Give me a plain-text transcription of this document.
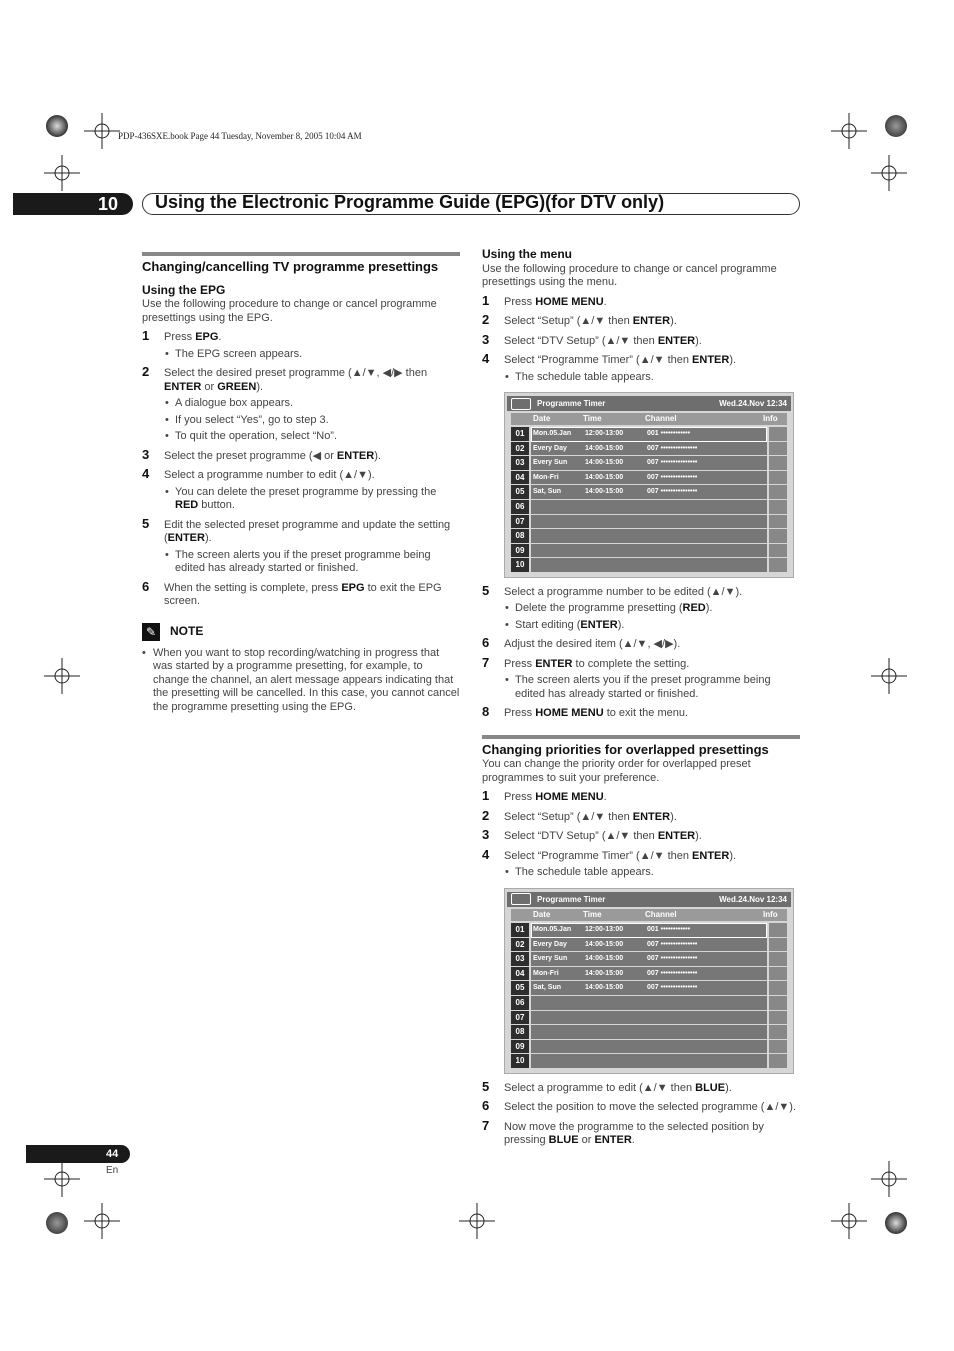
PDP-436SXE.book Page 44 Tuesday, November 8, 2005 10:04 AM
10 Using the Electronic Programme Guide (EPG)(for DTV only)
Changing/cancelling TV programme presettings
Using the EPG

Use the following procedure to change or cancel programme presettings using the EPG.

1 Press EPG.
• The EPG screen appears.
2 Select the desired preset programme (▲/▼, ◀/▶ then ENTER or GREEN).
• A dialogue box appears.
• If you select “Yes”, go to step 3.
• To quit the operation, select “No”.
3 Select the preset programme (◀ or ENTER).
4 Select a programme number to edit (▲/▼).
• You can delete the preset programme by pressing the RED button.
5 Edit the selected preset programme and update the setting (ENTER).
• The screen alerts you if the preset programme being edited has already started or finished.
6 When the setting is complete, press EPG to exit the EPG screen.
✎	NOTE
• When you want to stop recording/watching in progress that was started by a programme presetting, for example, to change the channel, an alert message appears indicating that the presetting will be cancelled. In this case, you cannot cancel the programme presetting using the EPG.
Using the menu

Use the following procedure to change or cancel programme presettings using the menu.

1 Press HOME MENU.
2 Select “Setup” (▲/▼ then ENTER).
3 Select “DTV Setup” (▲/▼ then ENTER).
4 Select “Programme Timer” (▲/▼ then ENTER).
• The schedule table appears.
Programme Timer	Wed.24.Nov 12:34
Date	Time	Channel	Info
01	Mon.05.Jan	12:00-13:00	001 ••••••••••••
02	Every Day	14:00-15:00	007 •••••••••••••••
03	Every Sun	14:00-15:00	007 •••••••••••••••
04	Mon-Fri	14:00-15:00	007 •••••••••••••••
05	Sat, Sun	14:00-15:00	007 •••••••••••••••
06
07
08
09
10
5 Select a programme number to be edited (▲/▼).
• Delete the programme presetting (RED).
• Start editing (ENTER).
6 Adjust the desired item (▲/▼, ◀/▶).
7 Press ENTER to complete the setting.
• The screen alerts you if the preset programme being edited has already started or finished.
8 Press HOME MENU to exit the menu.
Changing priorities for overlapped presettings

You can change the priority order for overlapped preset programmes to suit your preference.

1 Press HOME MENU.
2 Select “Setup” (▲/▼ then ENTER).
3 Select “DTV Setup” (▲/▼ then ENTER).
4 Select “Programme Timer” (▲/▼ then ENTER).
• The schedule table appears.
Programme Timer	Wed.24.Nov 12:34
Date	Time	Channel	Info
01	Mon.05.Jan	12:00-13:00	001 ••••••••••••
02	Every Day	14:00-15:00	007 •••••••••••••••
03	Every Sun	14:00-15:00	007 •••••••••••••••
04	Mon-Fri	14:00-15:00	007 •••••••••••••••
05	Sat, Sun	14:00-15:00	007 •••••••••••••••
06
07
08
09
10
5 Select a programme to edit (▲/▼ then BLUE).
6 Select the position to move the selected programme (▲/▼).
7 Now move the programme to the selected position by pressing BLUE or ENTER.
44
En
